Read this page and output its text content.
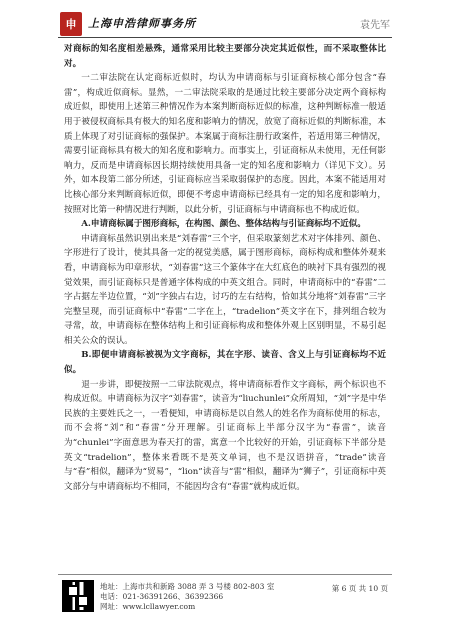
申	上海申浩律师事务所	袁先军

对商标的知名度相差悬殊，通常采用比较主要部分决定其近似性，而不采取整体比对。

一二审法院在认定商标近似时，均认为申请商标与引证商标核心部分包含“春雷”，构成近似商标。显然，一二审法院采取的是通过比较主要部分决定两个商标构成近似，即使用上述第三种情况作为本案判断商标近似的标准，这种判断标准一般适用于被侵权商标具有极大的知名度和影响力的情况，放宽了商标近似的判断标准，本质上体现了对引证商标的强保护。本案属于商标注册行政案件，若适用第三种情况，需要引证商标具有极大的知名度和影响力。而事实上，引证商标从未使用，无任何影响力，反而是申请商标因长期持续使用具备一定的知名度和影响力（详见下文）。另外，如本段第二部分所述，引证商标应当采取弱保护的态度。因此，本案不能适用对比核心部分来判断商标近似，即便不考虑申请商标已经具有一定的知名度和影响力，按照对比第一种情况进行判断，以此分析，引证商标与申请商标也不构成近似。

A.申请商标属于图形商标，在构图、颜色、整体结构与引证商标均不近似。

申请商标虽然识别出来是“刘春雷”三个字，但采取篆刻艺术对字体排列、颜色、字形进行了设计，使其具备一定的视觉美感，属于图形商标，商标构成和整体外观来看，申请商标为印章形状，“刘春雷”这三个篆体字在大红底色的映衬下具有强烈的视觉效果，而引证商标只是普通字体构成的中英文组合。同时，申请商标中的“春雷”二字占据左半边位置，“刘”字独占右边，讨巧的左右结构，恰如其分地将“刘春雷”三字完整呈现，而引证商标中“春雷”二字在上，“tradelion”英文字在下，排列组合较为寻常，故，申请商标在整体结构上和引证商标构成和整体外观上区别明显，不易引起相关公众的误认。

B.即便申请商标被视为文字商标，其在字形、读音、含义上与引证商标均不近似。

退一步讲，即便按照一二审法院观点，将申请商标看作文字商标，两个标识也不构成近似。申请商标为汉字“刘春雷”，读音为“liuchunlei”众所周知，“刘”字是中华民族的主要姓氏之一，一看便知，申请商标是以自然人的姓名作为商标使用的标志，而不会将“刘”和“春雷”分开理解。引证商标上半部分汉字为“春雷”，读音为“chunlei”字面意思为春天打的雷，寓意一个比较好的开始，引证商标下半部分是英文“tradelion”，整体来看既不是英文单词，也不是汉语拼音，“trade”读音与“春”相似，翻译为“贸易”，“lion”读音与“雷”相似，翻译为“狮子”，引证商标中英文部分与申请商标均不相同，不能因均含有“春雷”就构成近似。

地址：上海市共和新路 3088 弄 3 号楼 802-803 室
电话：021-36391266、36392366
网址：www.lcllawyer.com
第 6 页 共 10 页
